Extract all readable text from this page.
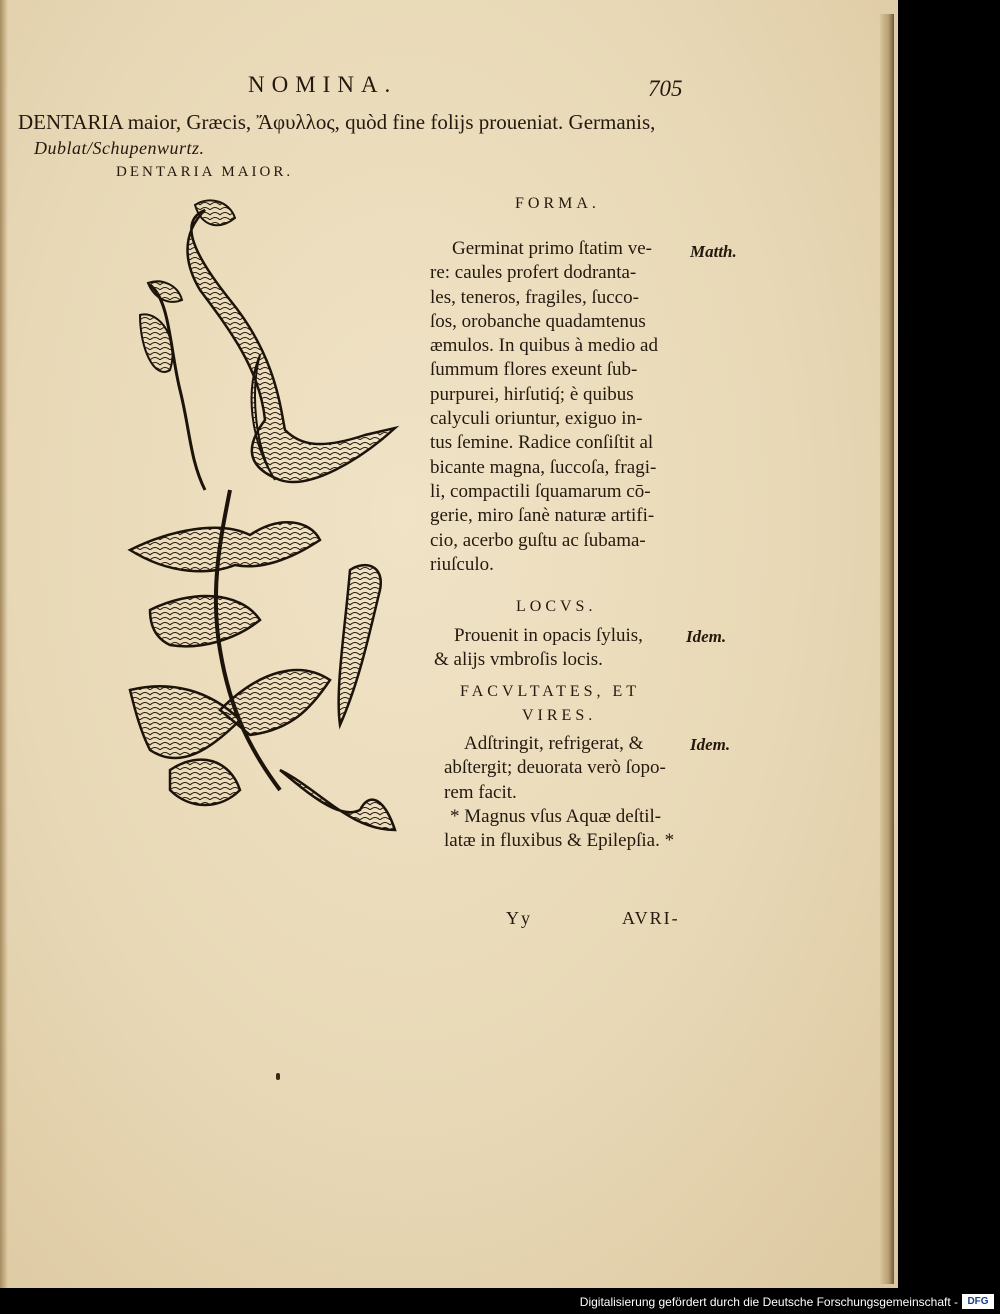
NOMINA.	705
DENTARIA maior, Græcis, Ἄφυλλος, quòd fine folijs proueniat. Germanis,
Dublat/Schupenwurtz.
DENTARIA MAIOR.
FORMA.
Matth.
Germinat primo ſtatim ve-
re: caules profert dodranta-
les, teneros, fragiles, ſucco-
ſos, orobanche quadamtenus
æmulos. In quibus à medio ad
ſummum flores exeunt ſub-
purpurei, hirſutiq́; è quibus
calyculi oriuntur, exiguo in-
tus ſemine. Radice conſiſtit al
bicante magna, ſuccoſa, fragi-
li, compactili ſquamarum cō-
gerie, miro ſanè naturæ artifi-
cio, acerbo guſtu ac ſubama-
riuſculo.
LOCVS.
Idem.
Prouenit in opacis ſyluis,
& alijs vmbroſis locis.
FACVLTATES, ET
VIRES.
Idem.
Adſtringit, refrigerat, &
abſtergit; deuorata verò ſopo-
rem facit.
* Magnus vſus Aquæ deſtil-
latæ in fluxibus & Epilepſia. *
Yy	AVRI-
Digitalisierung gefördert durch die Deutsche Forschungsgemeinschaft - DFG
